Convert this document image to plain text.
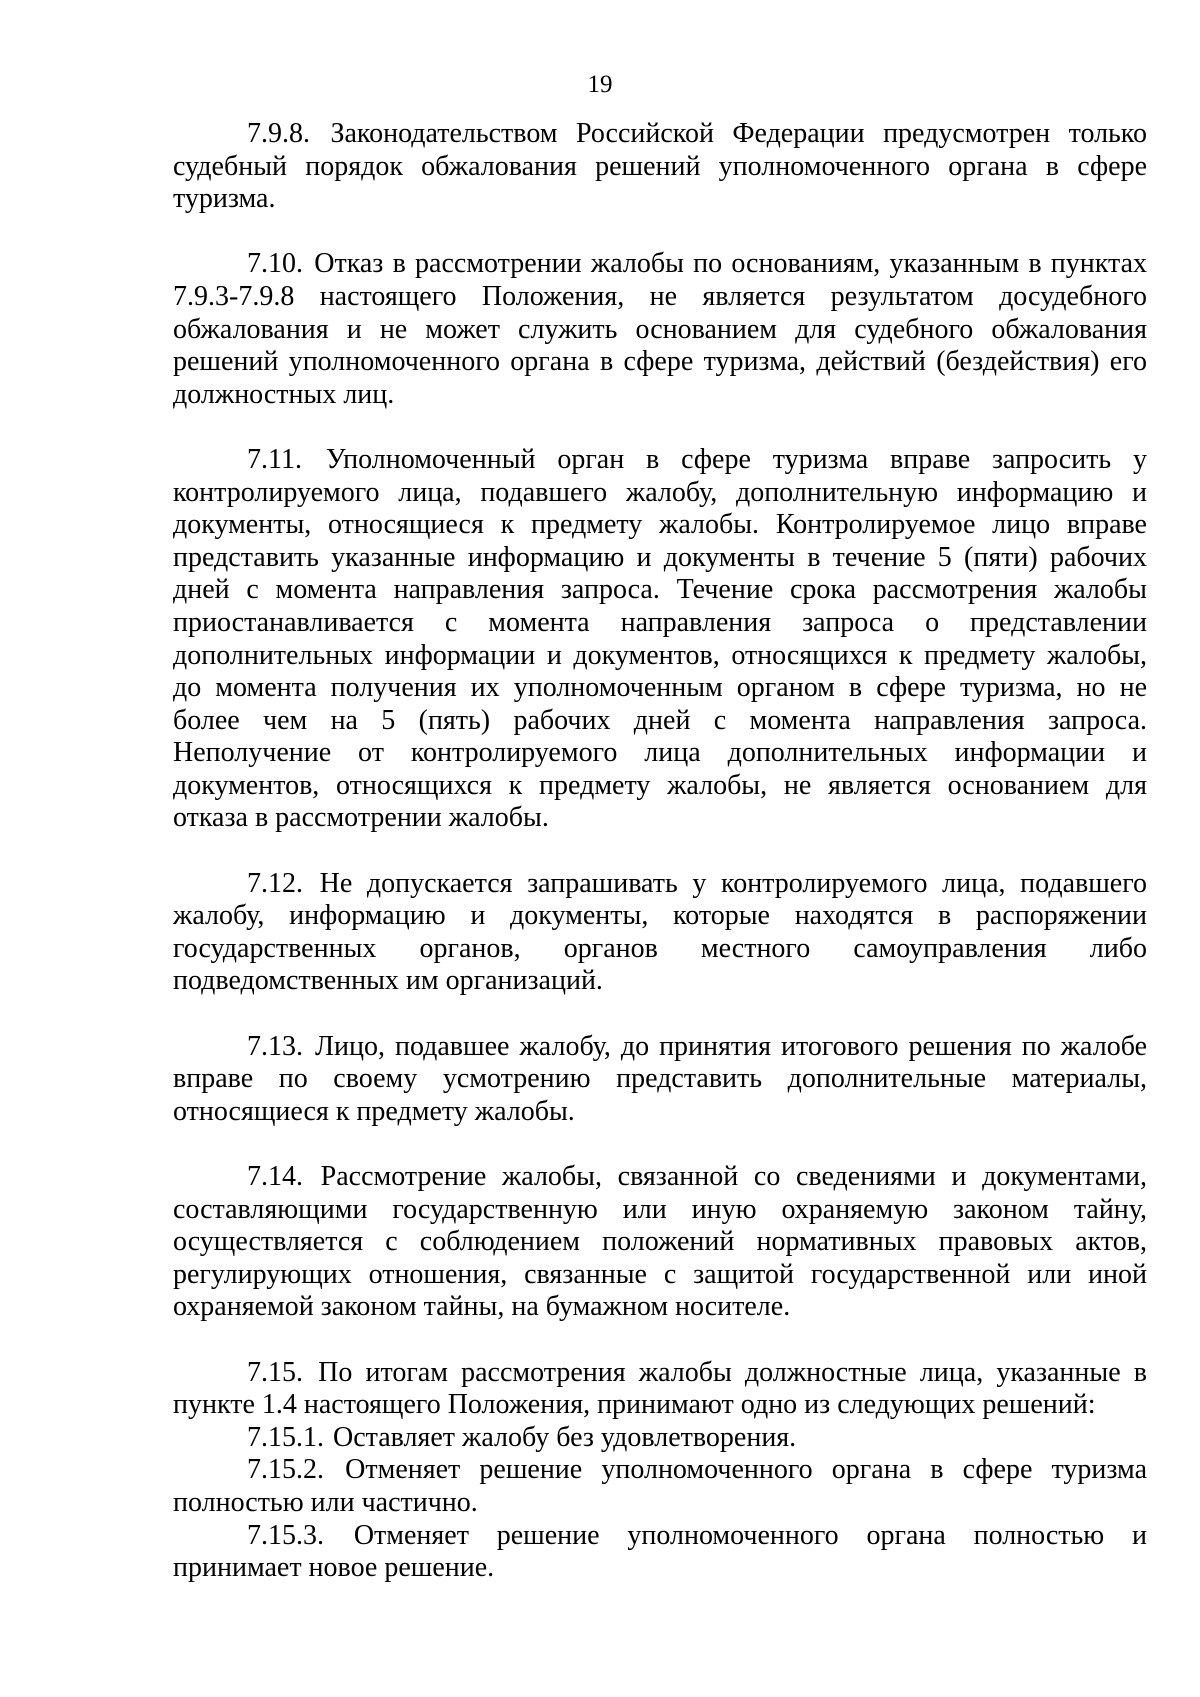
19

7.9.8. Законодательством Российской Федерации предусмотрен только судебный порядок обжалования решений уполномоченного органа в сфере туризма.

7.10. Отказ в рассмотрении жалобы по основаниям, указанным в пунктах 7.9.3-7.9.8 настоящего Положения, не является результатом досудебного обжалования и не может служить основанием для судебного обжалования решений уполномоченного органа в сфере туризма, действий (бездействия) его должностных лиц.

7.11. Уполномоченный орган в сфере туризма вправе запросить у контролируемого лица, подавшего жалобу, дополнительную информацию и документы, относящиеся к предмету жалобы. Контролируемое лицо вправе представить указанные информацию и документы в течение 5 (пяти) рабочих дней с момента направления запроса. Течение срока рассмотрения жалобы приостанавливается с момента направления запроса о представлении дополнительных информации и документов, относящихся к предмету жалобы, до момента получения их уполномоченным органом в сфере туризма, но не более чем на 5 (пять) рабочих дней с момента направления запроса. Неполучение от контролируемого лица дополнительных информации и документов, относящихся к предмету жалобы, не является основанием для отказа в рассмотрении жалобы.

7.12. Не допускается запрашивать у контролируемого лица, подавшего жалобу, информацию и документы, которые находятся в распоряжении государственных органов, органов местного самоуправления либо подведомственных им организаций.

7.13. Лицо, подавшее жалобу, до принятия итогового решения по жалобе вправе по своему усмотрению представить дополнительные материалы, относящиеся к предмету жалобы.

7.14. Рассмотрение жалобы, связанной со сведениями и документами, составляющими государственную или иную охраняемую законом тайну, осуществляется с соблюдением положений нормативных правовых актов, регулирующих отношения, связанные с защитой государственной или иной охраняемой законом тайны, на бумажном носителе.

7.15. По итогам рассмотрения жалобы должностные лица, указанные в пункте 1.4 настоящего Положения, принимают одно из следующих решений:

7.15.1. Оставляет жалобу без удовлетворения.

7.15.2. Отменяет решение уполномоченного органа в сфере туризма полностью или частично.

7.15.3. Отменяет решение уполномоченного органа полностью и принимает новое решение.
